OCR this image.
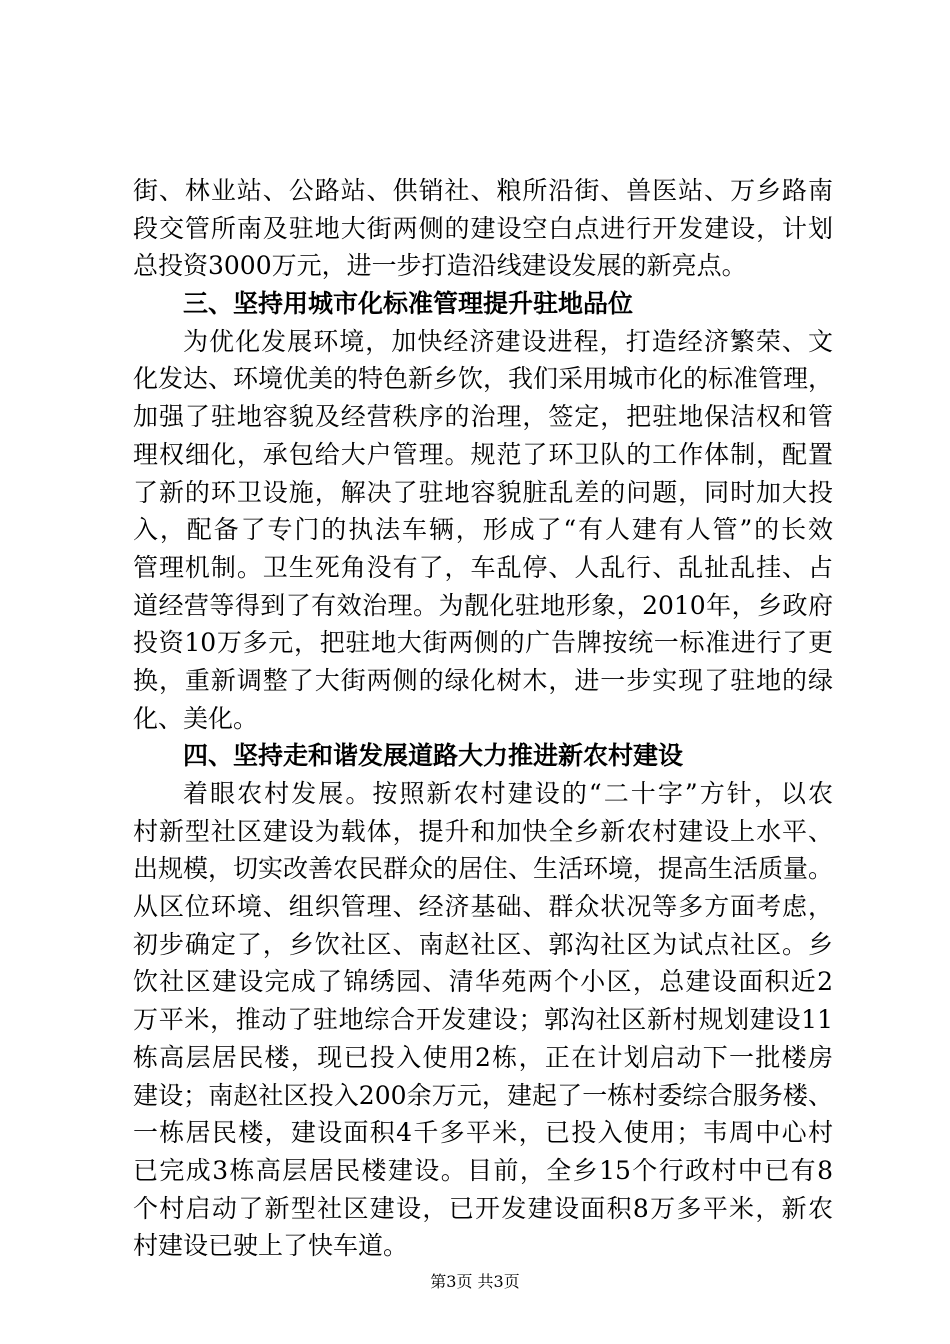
街、林业站、公路站、供销社、粮所沿街、兽医站、万乡路南
段交管所南及驻地大街两侧的建设空白点进行开发建设，计划
总投资3000万元，进一步打造沿线建设发展的新亮点。
三、坚持用城市化标准管理提升驻地品位
为优化发展环境，加快经济建设进程，打造经济繁荣、文
化发达、环境优美的特色新乡饮，我们采用城市化的标准管理，
加强了驻地容貌及经营秩序的治理，签定，把驻地保洁权和管
理权细化，承包给大户管理。规范了环卫队的工作体制，配置
了新的环卫设施，解决了驻地容貌脏乱差的问题，同时加大投
入，配备了专门的执法车辆，形成了“有人建有人管”的长效
管理机制。卫生死角没有了，车乱停、人乱行、乱扯乱挂、占
道经营等得到了有效治理。为靓化驻地形象，2010年，乡政府
投资10万多元，把驻地大街两侧的广告牌按统一标准进行了更
换，重新调整了大街两侧的绿化树木，进一步实现了驻地的绿
化、美化。
四、坚持走和谐发展道路大力推进新农村建设
着眼农村发展。按照新农村建设的“二十字”方针，以农
村新型社区建设为载体，提升和加快全乡新农村建设上水平、
出规模，切实改善农民群众的居住、生活环境，提高生活质量。
从区位环境、组织管理、经济基础、群众状况等多方面考虑，
初步确定了，乡饮社区、南赵社区、郭沟社区为试点社区。乡
饮社区建设完成了锦绣园、清华苑两个小区，总建设面积近2
万平米，推动了驻地综合开发建设；郭沟社区新村规划建设11
栋高层居民楼，现已投入使用2栋，正在计划启动下一批楼房
建设；南赵社区投入200余万元，建起了一栋村委综合服务楼、
一栋居民楼，建设面积4千多平米，已投入使用；韦周中心村
已完成3栋高层居民楼建设。目前，全乡15个行政村中已有8
个村启动了新型社区建设，已开发建设面积8万多平米，新农
村建设已驶上了快车道。
第3页 共3页
